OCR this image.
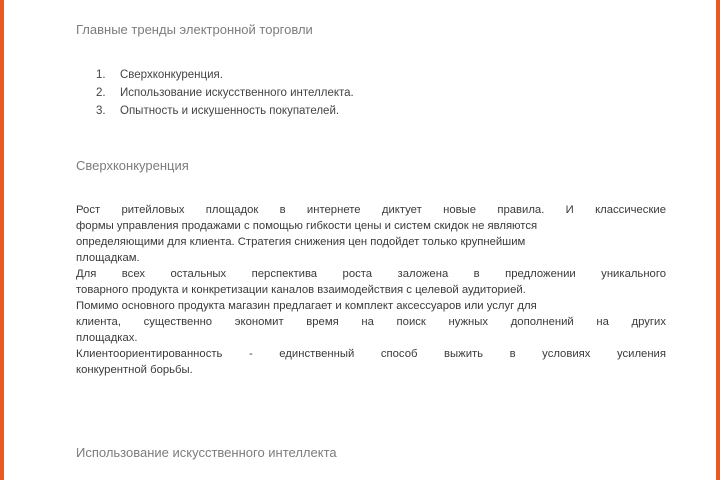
Главные тренды электронной торговли
1. Сверхконкуренция.
2. Использование искусственного интеллекта.
3. Опытность и искушенность покупателей.
Сверхконкуренция
Рост ритейловых площадок в интернете диктует новые правила. И классические
формы управления продажами с помощью гибкости цены и систем скидок не являются
определяющими для клиента. Стратегия снижения цен подойдет только крупнейшим
площадкам.
Для всех остальных перспектива роста заложена в предложении уникального
товарного продукта и конкретизации каналов взаимодействия с целевой аудиторией.
Помимо основного продукта магазин предлагает и комплект аксессуаров или услуг для
клиента, существенно экономит время на поиск нужных дополнений на других
площадках.
Клиентоориентированность - единственный способ выжить в условиях усиления
конкурентной борьбы.
Использование искусственного интеллекта
